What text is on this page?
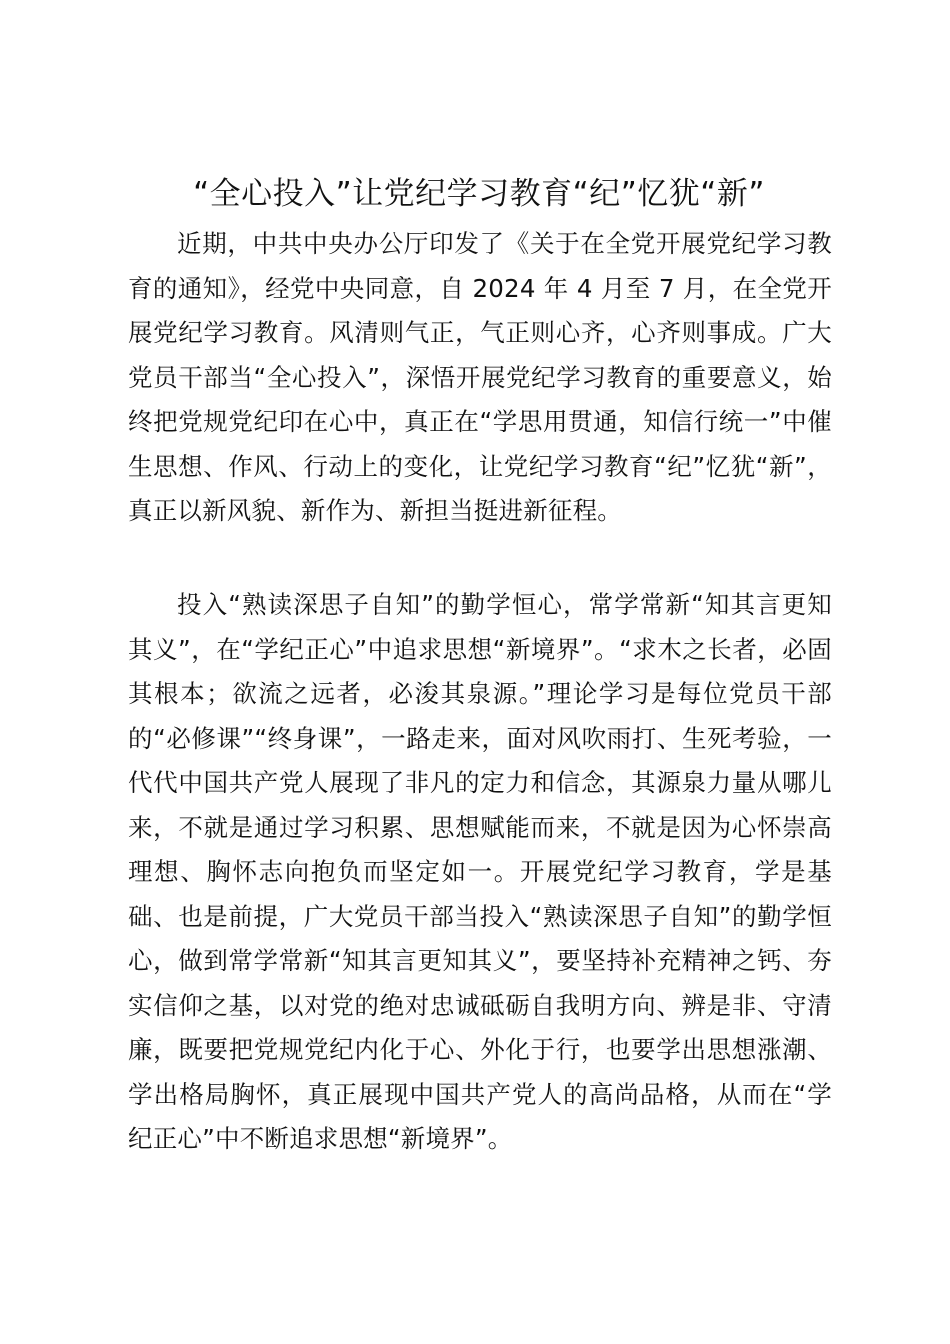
“全心投入”让党纪学习教育“纪”忆犹“新”

近期，中共中央办公厅印发了《关于在全党开展党纪学习教育的通知》，经党中央同意，自 2024 年 4 月至 7 月，在全党开展党纪学习教育。风清则气正，气正则心齐，心齐则事成。广大党员干部当“全心投入”，深悟开展党纪学习教育的重要意义，始终把党规党纪印在心中，真正在“学思用贯通，知信行统一”中催生思想、作风、行动上的变化，让党纪学习教育“纪”忆犹“新”，真正以新风貌、新作为、新担当挺进新征程。

投入“熟读深思子自知”的勤学恒心，常学常新“知其言更知其义”，在“学纪正心”中追求思想“新境界”。“求木之长者，必固其根本；欲流之远者，必浚其泉源。”理论学习是每位党员干部的“必修课”“终身课”，一路走来，面对风吹雨打、生死考验，一代代中国共产党人展现了非凡的定力和信念，其源泉力量从哪儿来，不就是通过学习积累、思想赋能而来，不就是因为心怀崇高理想、胸怀志向抱负而坚定如一。开展党纪学习教育，学是基础、也是前提，广大党员干部当投入“熟读深思子自知”的勤学恒心，做到常学常新“知其言更知其义”，要坚持补充精神之钙、夯实信仰之基，以对党的绝对忠诚砥砺自我明方向、辨是非、守清廉，既要把党规党纪内化于心、外化于行，也要学出思想涨潮、学出格局胸怀，真正展现中国共产党人的高尚品格，从而在“学纪正心”中不断追求思想“新境界”。
